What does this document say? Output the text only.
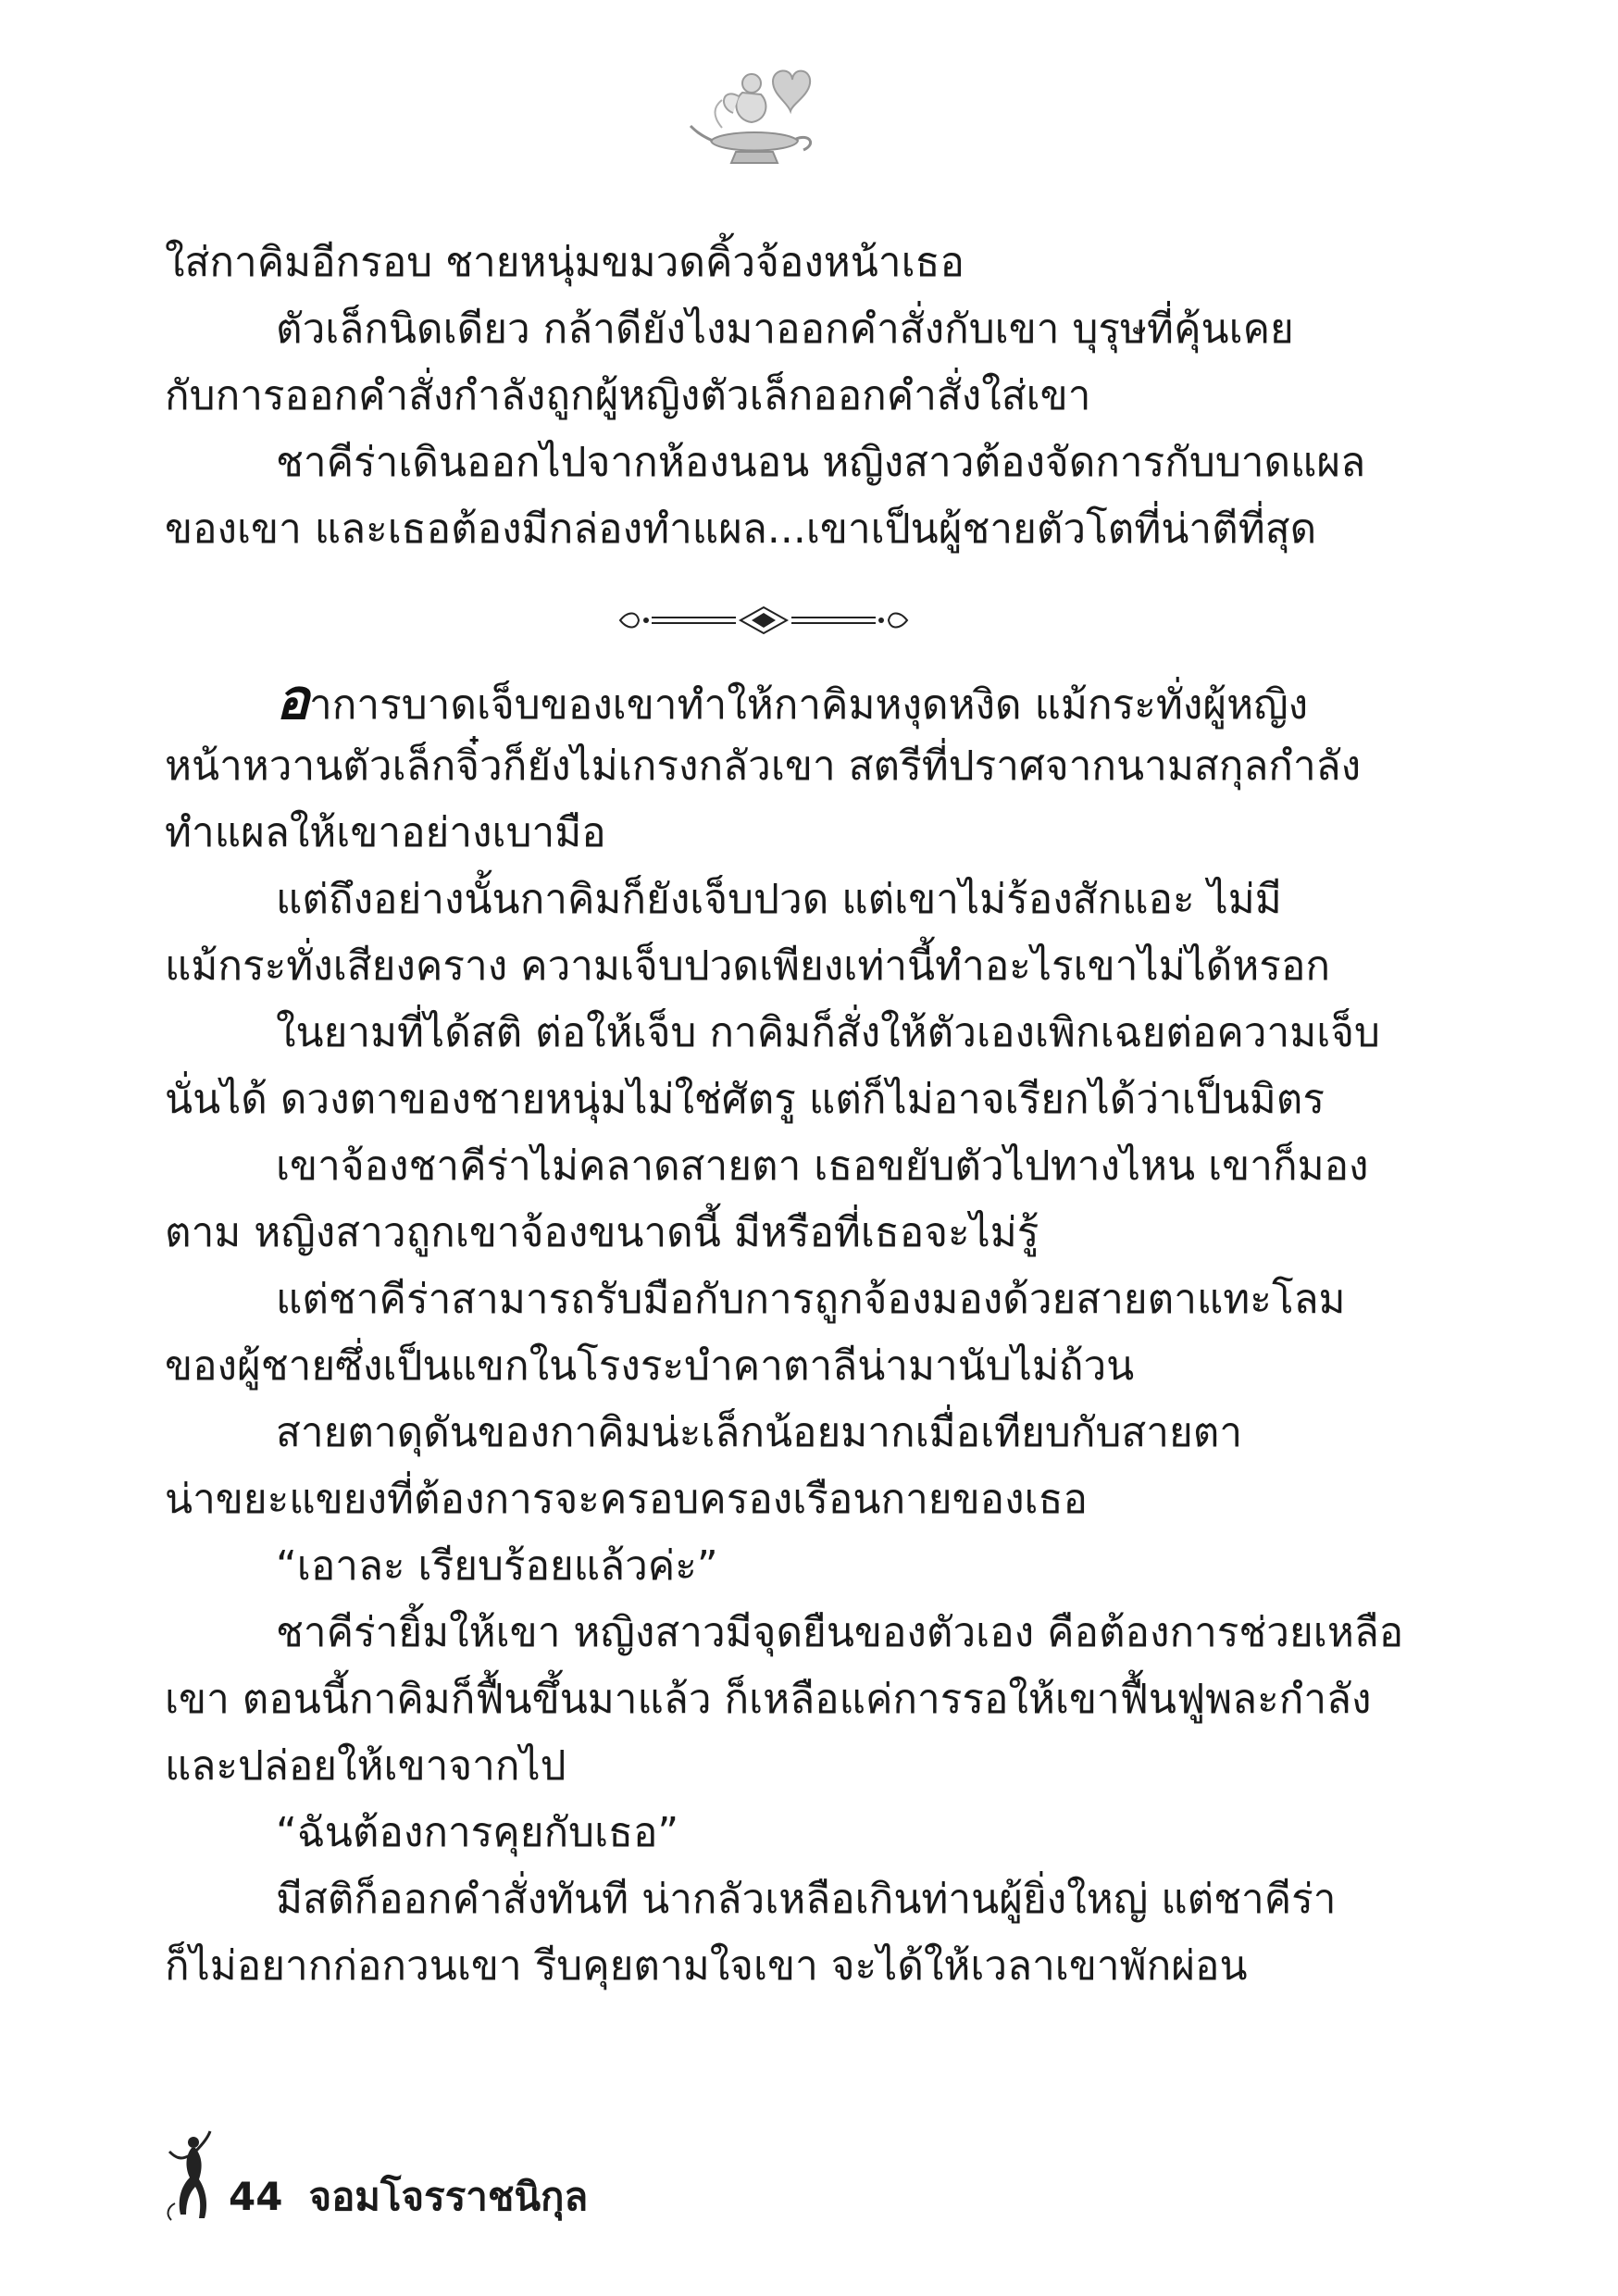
ใส่กาคิมอีกรอบ ชายหนุ่มขมวดคิ้วจ้องหน้าเธอ
ตัวเล็กนิดเดียว กล้าดียังไงมาออกคำสั่งกับเขา บุรุษที่คุ้นเคย
กับการออกคำสั่งกำลังถูกผู้หญิงตัวเล็กออกคำสั่งใส่เขา
ชาคีร่าเดินออกไปจากห้องนอน หญิงสาวต้องจัดการกับบาดแผล
ของเขา และเธอต้องมีกล่องทำแผล...เขาเป็นผู้ชายตัวโตที่น่าตีที่สุด
อาการบาดเจ็บของเขาทำให้กาคิมหงุดหงิด แม้กระทั่งผู้หญิง
หน้าหวานตัวเล็กจิ๋วก็ยังไม่เกรงกลัวเขา สตรีที่ปราศจากนามสกุลกำลัง
ทำแผลให้เขาอย่างเบามือ
แต่ถึงอย่างนั้นกาคิมก็ยังเจ็บปวด แต่เขาไม่ร้องสักแอะ ไม่มี
แม้กระทั่งเสียงคราง ความเจ็บปวดเพียงเท่านี้ทำอะไรเขาไม่ได้หรอก
ในยามที่ได้สติ ต่อให้เจ็บ กาคิมก็สั่งให้ตัวเองเพิกเฉยต่อความเจ็บ
นั่นได้ ดวงตาของชายหนุ่มไม่ใช่ศัตรู แต่ก็ไม่อาจเรียกได้ว่าเป็นมิตร
เขาจ้องชาคีร่าไม่คลาดสายตา เธอขยับตัวไปทางไหน เขาก็มอง
ตาม หญิงสาวถูกเขาจ้องขนาดนี้ มีหรือที่เธอจะไม่รู้
แต่ชาคีร่าสามารถรับมือกับการถูกจ้องมองด้วยสายตาแทะโลม
ของผู้ชายซึ่งเป็นแขกในโรงระบำคาตาลีน่ามานับไม่ถ้วน
สายตาดุดันของกาคิมน่ะเล็กน้อยมากเมื่อเทียบกับสายตา
น่าขยะแขยงที่ต้องการจะครอบครองเรือนกายของเธอ
“เอาละ เรียบร้อยแล้วค่ะ”
ชาคีร่ายิ้มให้เขา หญิงสาวมีจุดยืนของตัวเอง คือต้องการช่วยเหลือ
เขา ตอนนี้กาคิมก็ฟื้นขึ้นมาแล้ว ก็เหลือแค่การรอให้เขาฟื้นฟูพละกำลัง
และปล่อยให้เขาจากไป
“ฉันต้องการคุยกับเธอ”
มีสติก็ออกคำสั่งทันที น่ากลัวเหลือเกินท่านผู้ยิ่งใหญ่ แต่ชาคีร่า
ก็ไม่อยากก่อกวนเขา รีบคุยตามใจเขา จะได้ให้เวลาเขาพักผ่อน
44 จอมโจรราชนิกุล
